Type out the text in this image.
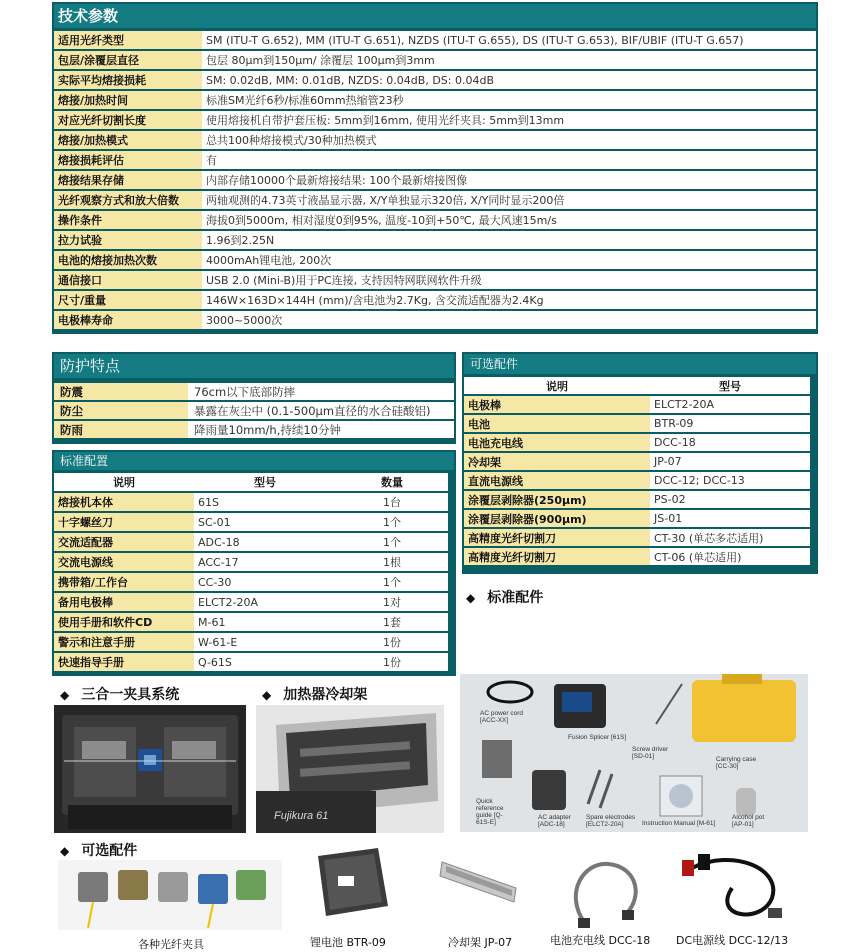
技术参数
适用光纤类型	SM (ITU-T G.652), MM (ITU-T G.651), NZDS (ITU-T G.655), DS (ITU-T G.653), BIF/UBIF (ITU-T G.657)
包层/涂覆层直径	包层 80μm到150μm/ 涂覆层 100μm到3mm
实际平均熔接损耗	SM: 0.02dB, MM: 0.01dB, NZDS: 0.04dB, DS: 0.04dB
熔接/加热时间	标准SM光纤6秒/标准60mm热缩管23秒
对应光纤切割长度	使用熔接机自带护套压板: 5mm到16mm, 使用光纤夹具: 5mm到13mm
熔接/加热模式	总共100种熔接模式/30种加热模式
熔接损耗评估	有
熔接结果存储	内部存储10000个最新熔接结果: 100个最新熔接图像
光纤观察方式和放大倍数	两轴观测的4.73英寸液晶显示器, X/Y单独显示320倍, X/Y同时显示200倍
操作条件	海拔0到5000m, 相对湿度0到95%, 温度-10到+50℃, 最大风速15m/s
拉力试验	1.96到2.25N
电池的熔接加热次数	4000mAh锂电池, 200次
通信接口	USB 2.0 (Mini-B)用于PC连接, 支持因特网联网软件升级
尺寸/重量	146W×163D×144H (mm)/含电池为2.7Kg, 含交流适配器为2.4Kg
电极棒寿命	3000~5000次
防护特点
防震	76cm以下底部防摔
防尘	暴露在灰尘中 (0.1-500μm直径的水合硅酸铝)
防雨	降雨量10mm/h,持续10分钟
标准配置
说明	型号	数量
熔接机本体	61S	1台
十字螺丝刀	SC-01	1个
交流适配器	ADC-18	1个
交流电源线	ACC-17	1根
携带箱/工作台	CC-30	1个
备用电极棒	ELCT2-20A	1对
使用手册和软件CD	M-61	1套
警示和注意手册	W-61-E	1份
快速指导手册	Q-61S	1份
可选配件
说明	型号
电极棒	ELCT2-20A
电池	BTR-09
电池充电线	DCC-18
冷却架	JP-07
直流电源线	DCC-12; DCC-13
涂覆层剥除器(250μm)	PS-02
涂覆层剥除器(900μm)	JS-01
高精度光纤切割刀	CT-30 (单芯多芯适用)
高精度光纤切割刀	CT-06 (单芯适用)
◆ 标准配件
◆ 三合一夹具系统	◆ 加热器冷却架
◆ 可选配件
Fujikura 61
AC power cord [ACC-XX]
Fusion Splicer [61S]
Screw driver [SD-01]	Carrying case [CC-30]
Quick reference guide [Q-61S-E]
AC adapter [ADC-18]
Spare electrodes [ELCT2-20A]	Instruction Manual [M-61]
Alcohol pot [AP-01]
各种光纤夹具	锂电池 BTR-09	冷却架 JP-07	电池充电线 DCC-18 DC电源线 DCC-12/13
